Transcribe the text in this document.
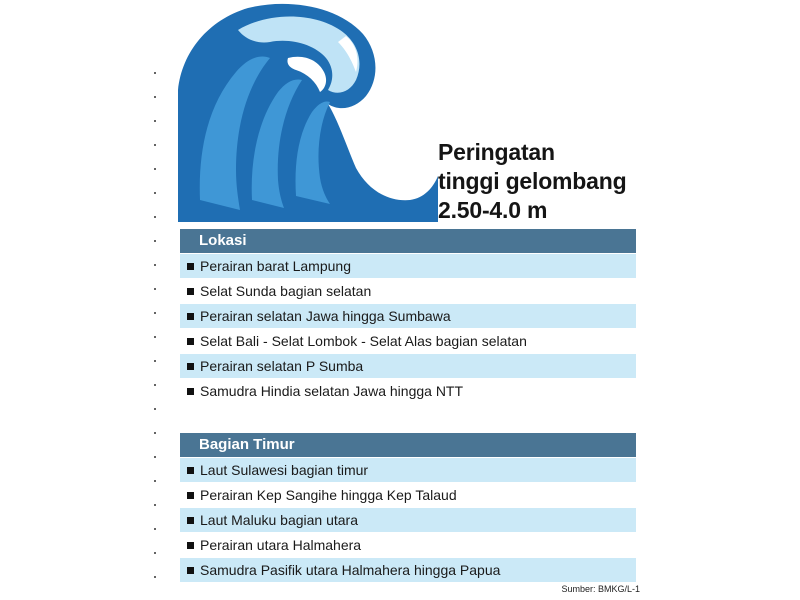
Peringatan
tinggi gelombang
2.50-4.0 m
Lokasi
Perairan barat Lampung
Selat Sunda bagian selatan
Perairan selatan Jawa hingga Sumbawa
Selat Bali - Selat Lombok - Selat Alas bagian selatan
Perairan selatan P Sumba
Samudra Hindia selatan Jawa hingga NTT
Bagian Timur
Laut Sulawesi bagian timur
Perairan Kep Sangihe hingga Kep Talaud
Laut Maluku bagian utara
Perairan utara Halmahera
Samudra Pasifik utara Halmahera hingga Papua
Sumber: BMKG/L-1
